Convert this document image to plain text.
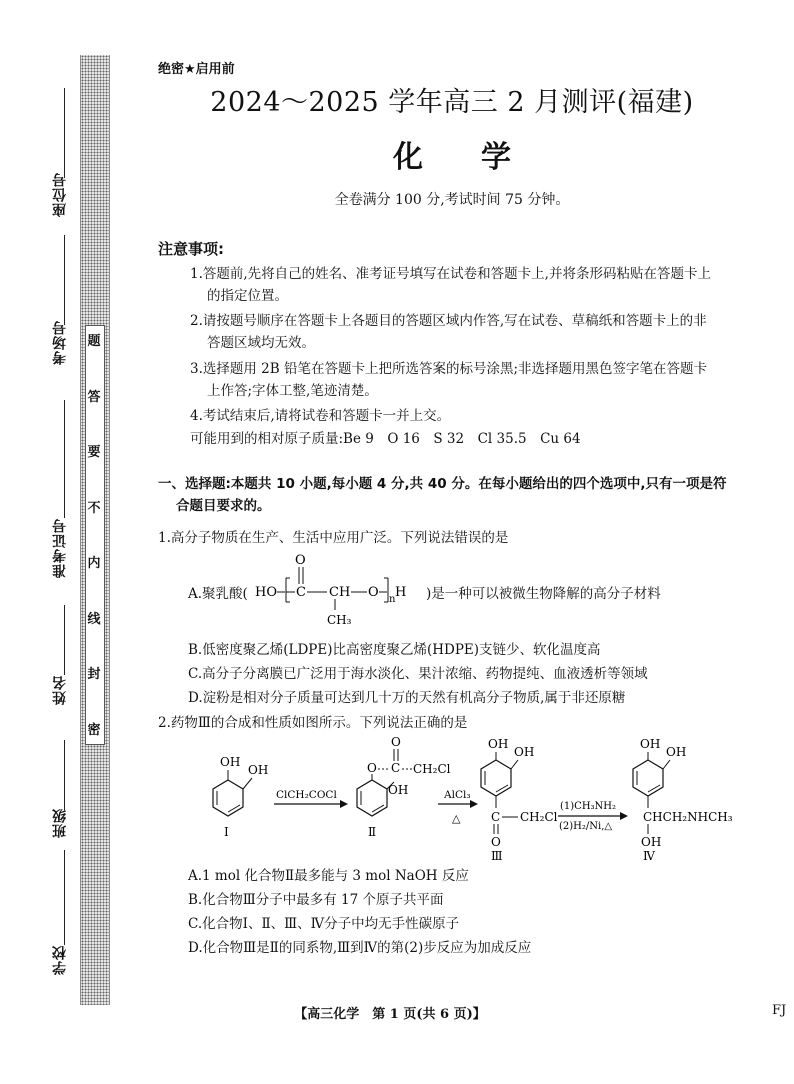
题
答
要
不
内
线
封
密
座位号
考场号
准考证号
姓名
班级
学校
绝密★启用前
2024～2025 学年高三 2 月测评(福建)
化学
全卷满分 100 分,考试时间 75 分钟。
注意事项:
1.答题前,先将自己的姓名、准考证号填写在试卷和答题卡上,并将条形码粘贴在答题卡上
的指定位置。
2.请按题号顺序在答题卡上各题目的答题区域内作答,写在试卷、草稿纸和答题卡上的非
答题区域均无效。
3.选择题用 2B 铅笔在答题卡上把所选答案的标号涂黑;非选择题用黑色签字笔在答题卡
上作答;字体工整,笔迹清楚。
4.考试结束后,请将试卷和答题卡一并上交。
可能用到的相对原子质量:Be 9　O 16　S 32　Cl 35.5　Cu 64
一、选择题:本题共 10 小题,每小题 4 分,共 40 分。在每小题给出的四个选项中,只有一项是符
合题目要求的。
1.高分子物质在生产、生活中应用广泛。下列说法错误的是
A.聚乳酸( HO C
O
CH
CH₃
O n H )是一种可以被微生物降解的高分子材料
B.低密度聚乙烯(LDPE)比高密度聚乙烯(HDPE)支链少、软化温度高
C.高分子分离膜已广泛用于海水淡化、果汁浓缩、药物提纯、血液透析等领域
D.淀粉是相对分子质量可达到几十万的天然有机高分子物质,属于非还原糖
2.药物Ⅲ的合成和性质如图所示。下列说法正确的是
OH
OH
Ⅰ
ClCH₂COCl
O C
O
CH₂Cl
OH
Ⅱ
AlCl₃
△
OH
OH
C
O
CH₂Cl
Ⅲ
(1)CH₃NH₂
(2)H₂/Ni,△
OH
OH
CHCH₂NHCH₃
OH
Ⅳ
A.1 mol 化合物Ⅱ最多能与 3 mol NaOH 反应
B.化合物Ⅲ分子中最多有 17 个原子共平面
C.化合物Ⅰ、Ⅱ、Ⅲ、Ⅳ分子中均无手性碳原子
D.化合物Ⅲ是Ⅱ的同系物,Ⅲ到Ⅳ的第(2)步反应为加成反应
【高三化学　第 1 页(共 6 页)】	FJ
